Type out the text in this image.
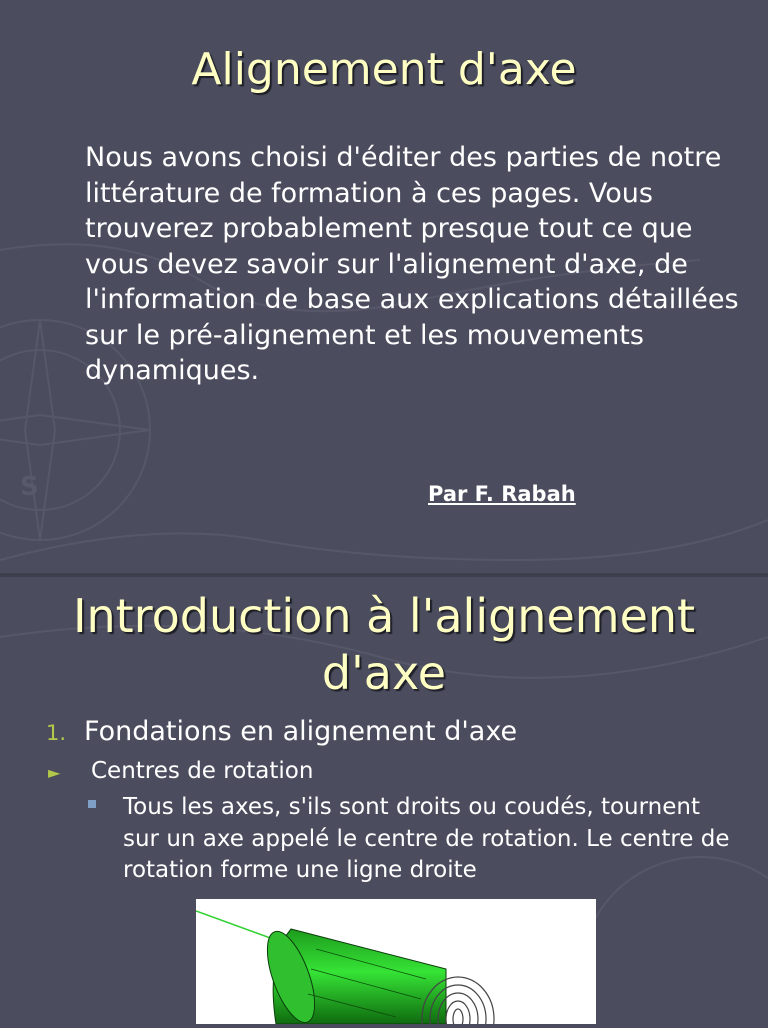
S
Alignement d'axe

Nous avons choisi d'éditer des parties de notre littérature de formation à ces pages. Vous trouverez probablement presque tout ce que vous devez savoir sur l'alignement d'axe, de l'information de base aux explications détaillées sur le pré-alignement et les mouvements dynamiques.

Par F. Rabah
Introduction à l'alignement
d'axe
1. Fondations en alignement d'axe
► Centres de rotation

Tous les axes, s'ils sont droits ou coudés, tournent sur un axe appelé le centre de rotation. Le centre de rotation forme une ligne droite
